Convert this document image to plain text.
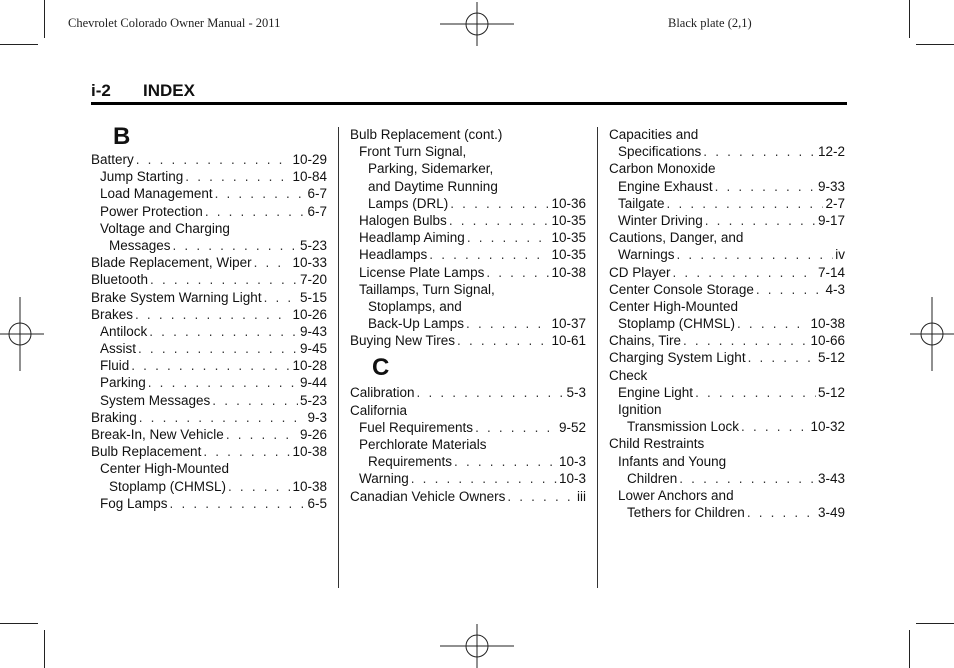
Chevrolet Colorado Owner Manual - 2011	Black plate (2,1)
i-2 INDEX
B
Battery . . .	10-29
Jump Starting . . .	10-84
Load Management . . .	6-7
Power Protection . . .	6-7
Voltage and Charging
Messages . . .	5-23
Blade Replacement, Wiper . . .	10-33
Bluetooth . . .	7-20
Brake System Warning Light . . .	5-15
Brakes . . .	10-26
Antilock . . .	9-43
Assist . . .	9-45
Fluid . . .	10-28
Parking . . .	9-44
System Messages . . .	5-23
Braking . . .	9-3
Break-In, New Vehicle . . .	9-26
Bulb Replacement . . .	10-38
Center High-Mounted
Stoplamp (CHMSL) . . .	10-38
Fog Lamps . . .	6-5
Bulb Replacement (cont.)
Front Turn Signal,
Parking, Sidemarker,
and Daytime Running
Lamps (DRL) . . .	10-36
Halogen Bulbs . . .	10-35
Headlamp Aiming . . .	10-35
Headlamps . . .	10-35
License Plate Lamps . . .	10-38
Taillamps, Turn Signal,
Stoplamps, and
Back-Up Lamps . . .	10-37
Buying New Tires . . .	10-61
C
Calibration . . .	5-3
California
Fuel Requirements . . .	9-52
Perchlorate Materials
Requirements . . .	10-3
Warning . . .	10-3
Canadian Vehicle Owners . . .	iii
Capacities and
Specifications . . .	12-2
Carbon Monoxide
Engine Exhaust . . .	9-33
Tailgate . . .	2-7
Winter Driving . . .	9-17
Cautions, Danger, and
Warnings . . .	iv
CD Player . . .	7-14
Center Console Storage . . .	4-3
Center High-Mounted
Stoplamp (CHMSL) . . .	10-38
Chains, Tire . . .	10-66
Charging System Light . . .	5-12
Check
Engine Light . . .	5-12
Ignition
Transmission Lock . . .	10-32
Child Restraints
Infants and Young
Children . . .	3-43
Lower Anchors and
Tethers for Children . . .	3-49
